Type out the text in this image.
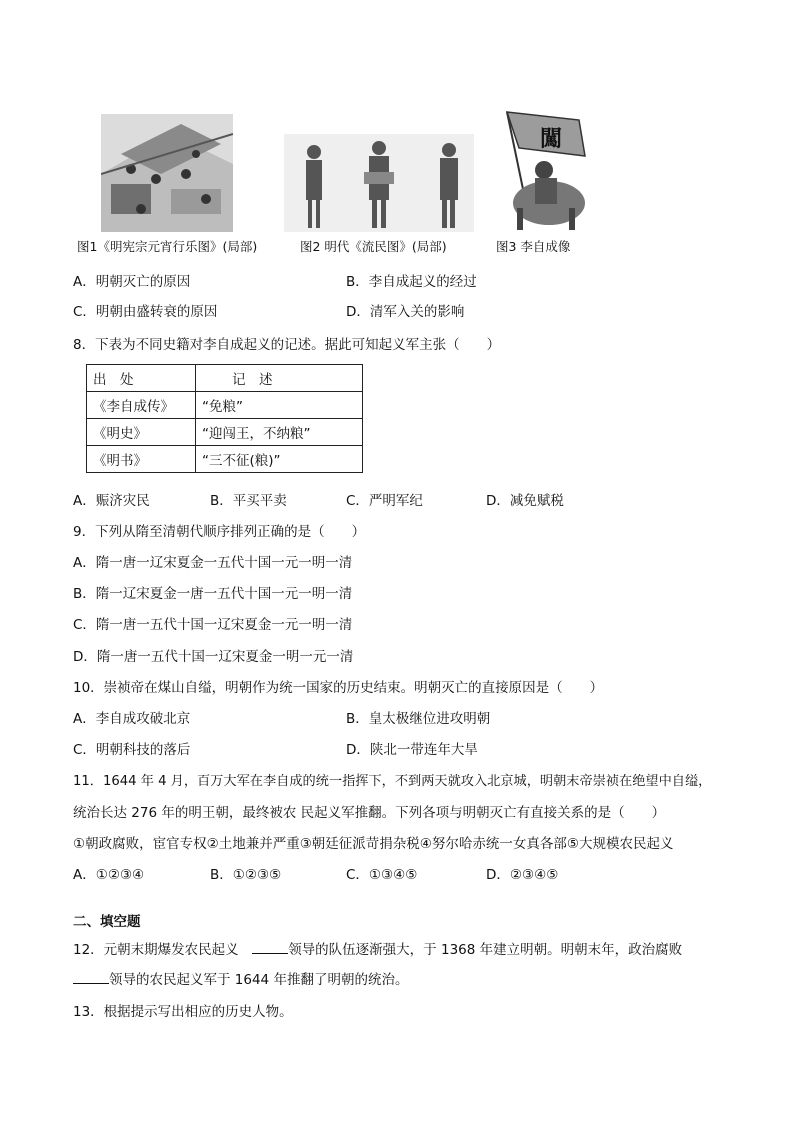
图1《明宪宗元宵行乐图》(局部)	图2 明代《流民图》(局部)
闖
图3 李自成像
A．明朝灭亡的原因	B．李自成起义的经过
C．明朝由盛转衰的原因	D．清军入关的影响
8．下表为不同史籍对李自成起义的记述。据此可知起义军主张（　　）
出　处	记　述
《李自成传》	“免粮”
《明史》	“迎闯王，不纳粮”
《明书》	“三不征(粮)”
A．赈济灾民	B．平买平卖	C．严明军纪	D．减免赋税
9．下列从隋至清朝代顺序排列正确的是（　　）
A．隋一唐一辽宋夏金一五代十国一元一明一清
B．隋一辽宋夏金一唐一五代十国一元一明一清
C．隋一唐一五代十国一辽宋夏金一元一明一清
D．隋一唐一五代十国一辽宋夏金一明一元一清
10．崇祯帝在煤山自缢，明朝作为统一国家的历史结束。明朝灭亡的直接原因是（　　）
A．李自成攻破北京	B．皇太极继位进攻明朝
C．明朝科技的落后	D．陕北一带连年大旱
11．1644 年 4 月，百万大军在李自成的统一指挥下，不到两天就攻入北京城，明朝末帝崇祯在绝望中自缢，
统治长达 276 年的明王朝，最终被农 民起义军推翻。下列各项与明朝灭亡有直接关系的是（　　）
①朝政腐败，宦官专权②土地兼并严重③朝廷征派苛捐杂税④努尔哈赤统一女真各部⑤大规模农民起义
A．①②③④	B．①②③⑤	C．①③④⑤	D．②③④⑤
二、填空题
12．元朝末期爆发农民起义　	领导的队伍逐渐强大，于 1368 年建立明朝。明朝末年，政治腐败
领导的农民起义军于 1644 年推翻了明朝的统治。
13．根据提示写出相应的历史人物。
